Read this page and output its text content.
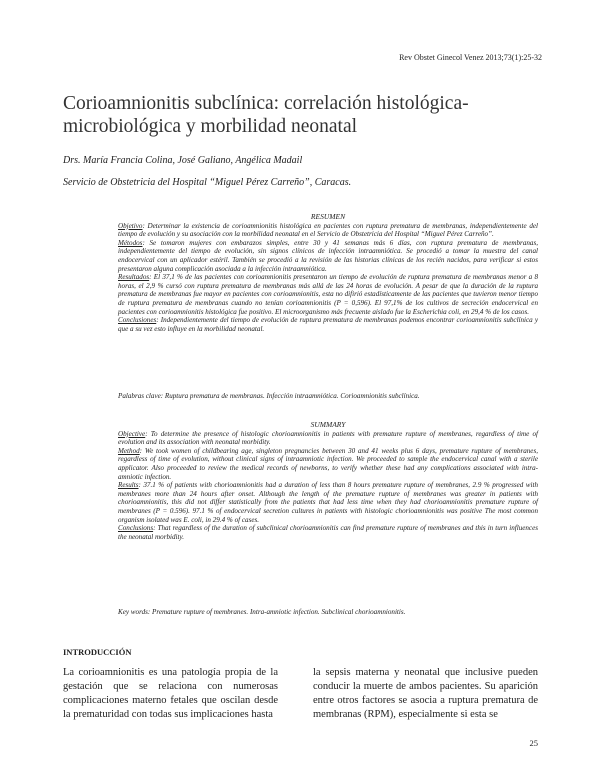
Rev Obstet Ginecol Venez 2013;73(1):25-32
Corioamnionitis subclínica: correlación histológica-microbiológica y morbilidad neonatal
Drs. María Francia Colina, José Galiano, Angélica Madail
Servicio de Obstetricia del Hospital “Miguel Pérez Carreño”, Caracas.
RESUMEN

Objetivo: Determinar la existencia de corioamnionitis histológica en pacientes con ruptura prematura de membranas, independientemente del tiempo de evolución y su asociación con la morbilidad neonatal en el Servicio de Obstetricia del Hospital “Miguel Pérez Carreño”.

Métodos: Se tomaron mujeres con embarazos simples, entre 30 y 41 semanas más 6 días, con ruptura prematura de membranas, independientemente del tiempo de evolución, sin signos clínicos de infección intraamniótica. Se procedió a tomar la muestra del canal endocervical con un aplicador estéril. También se procedió a la revisión de las historias clínicas de los recién nacidos, para verificar si estos presentaron alguna complicación asociada a la infección intraamniótica.

Resultados: El 37,1 % de las pacientes con corioamnionitis presentaron un tiempo de evolución de ruptura prematura de membranas menor a 8 horas, el 2,9 % cursó con ruptura prematura de membranas más allá de las 24 horas de evolución. A pesar de que la duración de la ruptura prematura de membranas fue mayor en pacientes con corioamnionitis, esta no difirió estadísticamente de las pacientes que tuvieron menor tiempo de ruptura prematura de membranas cuando no tenían corioamnionitis (P = 0,596). El 97,1% de los cultivos de secreción endocervical en pacientes con corioamnionitis histológica fue positivo. El microorganismo más frecuente aislado fue la Escherichia coli, en 29,4 % de los casos.

Conclusiones: Independientemente del tiempo de evolución de ruptura prematura de membranas podemos encontrar corioamnionitis subclínica y que a su vez esto influye en la morbilidad neonatal.

Palabras clave: Ruptura prematura de membranas. Infección intraamniótica. Corioamnionitis subclínica.
SUMMARY

Objective: To determine the presence of histologic chorioamnionitis in patients with premature rupture of membranes, regardless of time of evolution and its association with neonatal morbidity.

Method: We took women of childbearing age, singleton pregnancies between 30 and 41 weeks plus 6 days, premature rupture of membranes, regardless of time of evolution, without clinical signs of intraamniotic infection. We proceeded to sample the endocervical canal with a sterile applicator. Also proceeded to review the medical records of newborns, to verify whether these had any complications associated with intra-amniotic infection.

Results: 37.1 % of patients with chorioamnionitis had a duration of less than 8 hours premature rupture of membranes, 2.9 % progressed with membranes more than 24 hours after onset. Although the length of the premature rupture of membranes was greater in patients with chorioamnionitis, this did not differ statistically from the patients that had less time when they had chorioamnionitis premature rupture of membranes (P = 0.596). 97.1 % of endocervical secretion cultures in patients with histologic chorioamnionitis was positive The most common organism isolated was E. coli, in 29.4 % of cases.

Conclusions: That regardless of the duration of subclinical chorioamnionitis can find premature rupture of membranes and this in turn influences the neonatal morbidity.

Key words: Premature rupture of membranes. Intra-amniotic infection. Subclinical chorioamnionitis.
INTRODUCCIÓN
La corioamnionitis es una patología propia de la gestación que se relaciona con numerosas complicaciones materno fetales que oscilan desde la prematuridad con todas sus implicaciones hasta
la sepsis materna y neonatal que inclusive pueden conducir la muerte de ambos pacientes. Su aparición entre otros factores se asocia a ruptura prematura de membranas (RPM), especialmente si esta se
25
